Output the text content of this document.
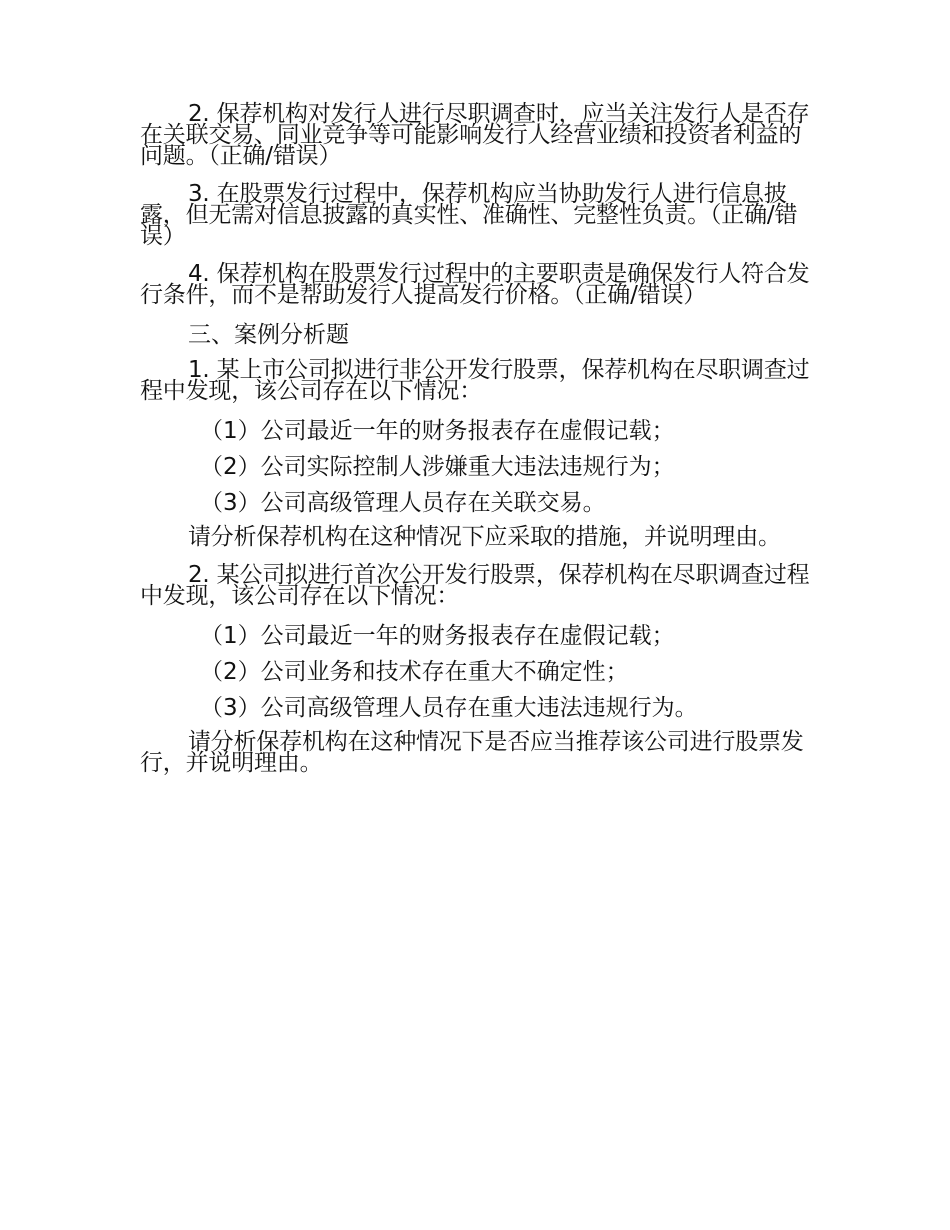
2. 保荐机构对发行人进行尽职调查时，应当关注发行人是否存在关联交易、同业竞争等可能影响发行人经营业绩和投资者利益的问题。（正确/错误）

3. 在股票发行过程中，保荐机构应当协助发行人进行信息披露，但无需对信息披露的真实性、准确性、完整性负责。（正确/错误）

4. 保荐机构在股票发行过程中的主要职责是确保发行人符合发行条件，而不是帮助发行人提高发行价格。（正确/错误）

三、案例分析题

1. 某上市公司拟进行非公开发行股票，保荐机构在尽职调查过程中发现，该公司存在以下情况：

（1）公司最近一年的财务报表存在虚假记载；

（2）公司实际控制人涉嫌重大违法违规行为；

（3）公司高级管理人员存在关联交易。

请分析保荐机构在这种情况下应采取的措施，并说明理由。

2. 某公司拟进行首次公开发行股票，保荐机构在尽职调查过程中发现，该公司存在以下情况：

（1）公司最近一年的财务报表存在虚假记载；

（2）公司业务和技术存在重大不确定性；

（3）公司高级管理人员存在重大违法违规行为。

请分析保荐机构在这种情况下是否应当推荐该公司进行股票发行，并说明理由。
